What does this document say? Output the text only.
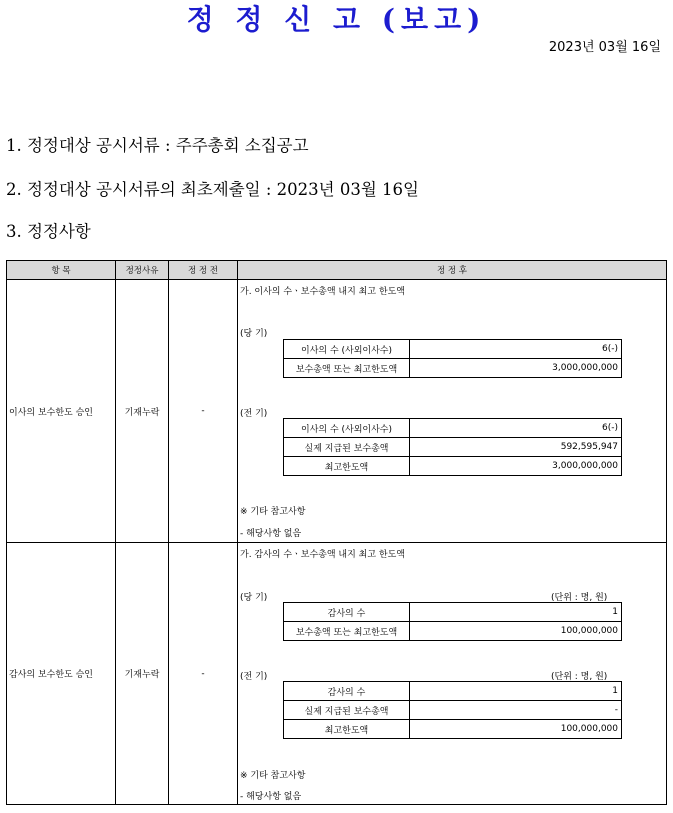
정 정 신 고 (보고)
2023년 03월 16일
1. 정정대상 공시서류 : 주주총회 소집공고
2. 정정대상 공시서류의 최초제출일 : 2023년 03월 16일
3. 정정사항
항 목	정정사유	정 정 전	정 정 후
이사의 보수한도 승인	기재누락	-	
가. 이사의 수ㆍ보수총액 내지 최고 한도액
(당 기)
이사의 수 (사외이사수)	6(-)
보수총액 또는 최고한도액	3,000,000,000
(전 기)
이사의 수 (사외이사수)	6(-)
실제 지급된 보수총액	592,595,947
최고한도액	3,000,000,000
※ 기타 참고사항
- 해당사항 없음

감사의 보수한도 승인	기재누락	-	
가. 감사의 수ㆍ보수총액 내지 최고 한도액
(당 기)	(단위 : 명, 원)
감사의 수	1
보수총액 또는 최고한도액	100,000,000
(전 기)	(단위 : 명, 원)
감사의 수	1
실제 지급된 보수총액	-
최고한도액	100,000,000
※ 기타 참고사항
- 해당사항 없음
